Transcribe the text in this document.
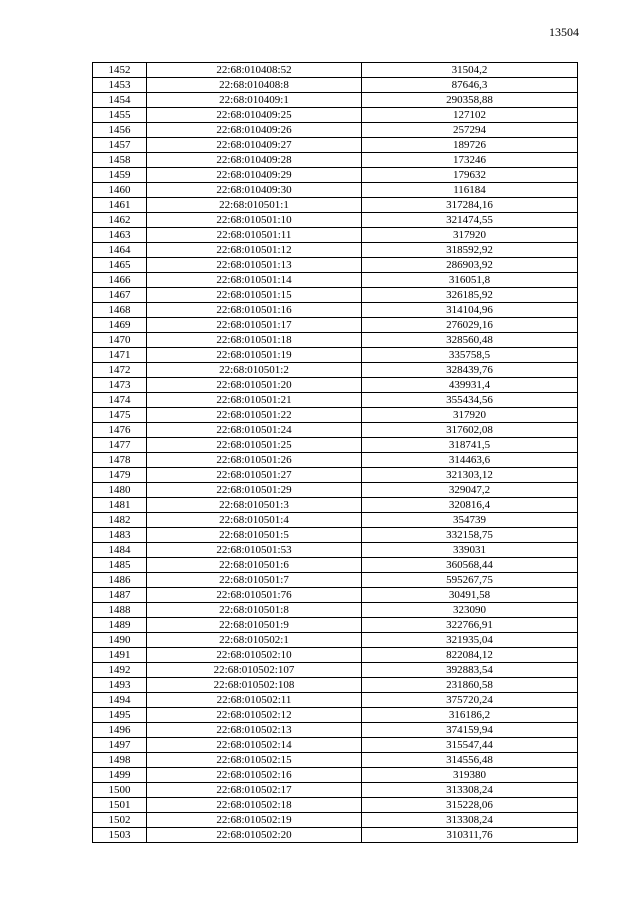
13504
1452	22:68:010408:52	31504,2
1453	22:68:010408:8	87646,3
1454	22:68:010409:1	290358,88
1455	22:68:010409:25	127102
1456	22:68:010409:26	257294
1457	22:68:010409:27	189726
1458	22:68:010409:28	173246
1459	22:68:010409:29	179632
1460	22:68:010409:30	116184
1461	22:68:010501:1	317284,16
1462	22:68:010501:10	321474,55
1463	22:68:010501:11	317920
1464	22:68:010501:12	318592,92
1465	22:68:010501:13	286903,92
1466	22:68:010501:14	316051,8
1467	22:68:010501:15	326185,92
1468	22:68:010501:16	314104,96
1469	22:68:010501:17	276029,16
1470	22:68:010501:18	328560,48
1471	22:68:010501:19	335758,5
1472	22:68:010501:2	328439,76
1473	22:68:010501:20	439931,4
1474	22:68:010501:21	355434,56
1475	22:68:010501:22	317920
1476	22:68:010501:24	317602,08
1477	22:68:010501:25	318741,5
1478	22:68:010501:26	314463,6
1479	22:68:010501:27	321303,12
1480	22:68:010501:29	329047,2
1481	22:68:010501:3	320816,4
1482	22:68:010501:4	354739
1483	22:68:010501:5	332158,75
1484	22:68:010501:53	339031
1485	22:68:010501:6	360568,44
1486	22:68:010501:7	595267,75
1487	22:68:010501:76	30491,58
1488	22:68:010501:8	323090
1489	22:68:010501:9	322766,91
1490	22:68:010502:1	321935,04
1491	22:68:010502:10	822084,12
1492	22:68:010502:107	392883,54
1493	22:68:010502:108	231860,58
1494	22:68:010502:11	375720,24
1495	22:68:010502:12	316186,2
1496	22:68:010502:13	374159,94
1497	22:68:010502:14	315547,44
1498	22:68:010502:15	314556,48
1499	22:68:010502:16	319380
1500	22:68:010502:17	313308,24
1501	22:68:010502:18	315228,06
1502	22:68:010502:19	313308,24
1503	22:68:010502:20	310311,76
